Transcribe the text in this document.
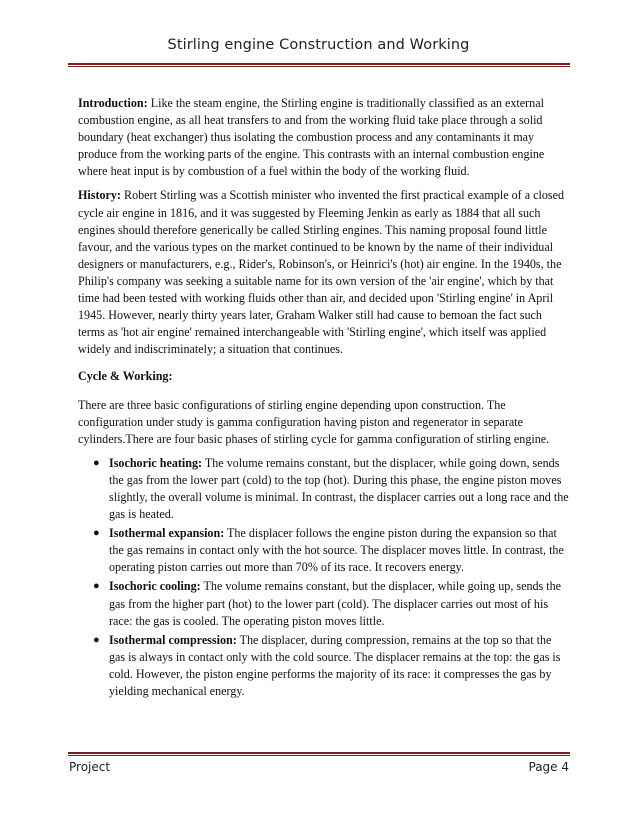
Stirling engine Construction and Working

Introduction: Like the steam engine, the Stirling engine is traditionally classified as an external combustion engine, as all heat transfers to and from the working fluid take place through a solid boundary (heat exchanger) thus isolating the combustion process and any contaminants it may produce from the working parts of the engine. This contrasts with an internal combustion engine where heat input is by combustion of a fuel within the body of the working fluid.

History: Robert Stirling was a Scottish minister who invented the first practical example of a closed cycle air engine in 1816, and it was suggested by Fleeming Jenkin as early as 1884 that all such engines should therefore generically be called Stirling engines. This naming proposal found little favour, and the various types on the market continued to be known by the name of their individual designers or manufacturers, e.g., Rider's, Robinson's, or Heinrici's (hot) air engine. In the 1940s, the Philip's company was seeking a suitable name for its own version of the 'air engine', which by that time had been tested with working fluids other than air, and decided upon 'Stirling engine' in April 1945. However, nearly thirty years later, Graham Walker still had cause to bemoan the fact such terms as 'hot air engine' remained interchangeable with 'Stirling engine', which itself was applied widely and indiscriminately; a situation that continues.

Cycle & Working:

There are three basic configurations of stirling engine depending upon construction. The configuration under study is gamma configuration having piston and regenerator in separate cylinders.There are four basic phases of stirling cycle for gamma configuration of stirling engine.

● Isochoric heating: The volume remains constant, but the displacer, while going down, sends the gas from the lower part (cold) to the top (hot). During this phase, the engine piston moves slightly, the overall volume is minimal. In contrast, the displacer carries out a long race and the gas is heated.
● Isothermal expansion: The displacer follows the engine piston during the expansion so that the gas remains in contact only with the hot source. The displacer moves little. In contrast, the operating piston carries out more than 70% of its race. It recovers energy.
● Isochoric cooling: The volume remains constant, but the displacer, while going up, sends the gas from the higher part (hot) to the lower part (cold). The displacer carries out most of his race: the gas is cooled. The operating piston moves little.
● Isothermal compression: The displacer, during compression, remains at the top so that the gas is always in contact only with the cold source. The displacer remains at the top: the gas is cold. However, the piston engine performs the majority of its race: it compresses the gas by yielding mechanical energy.
Project	Page 4
